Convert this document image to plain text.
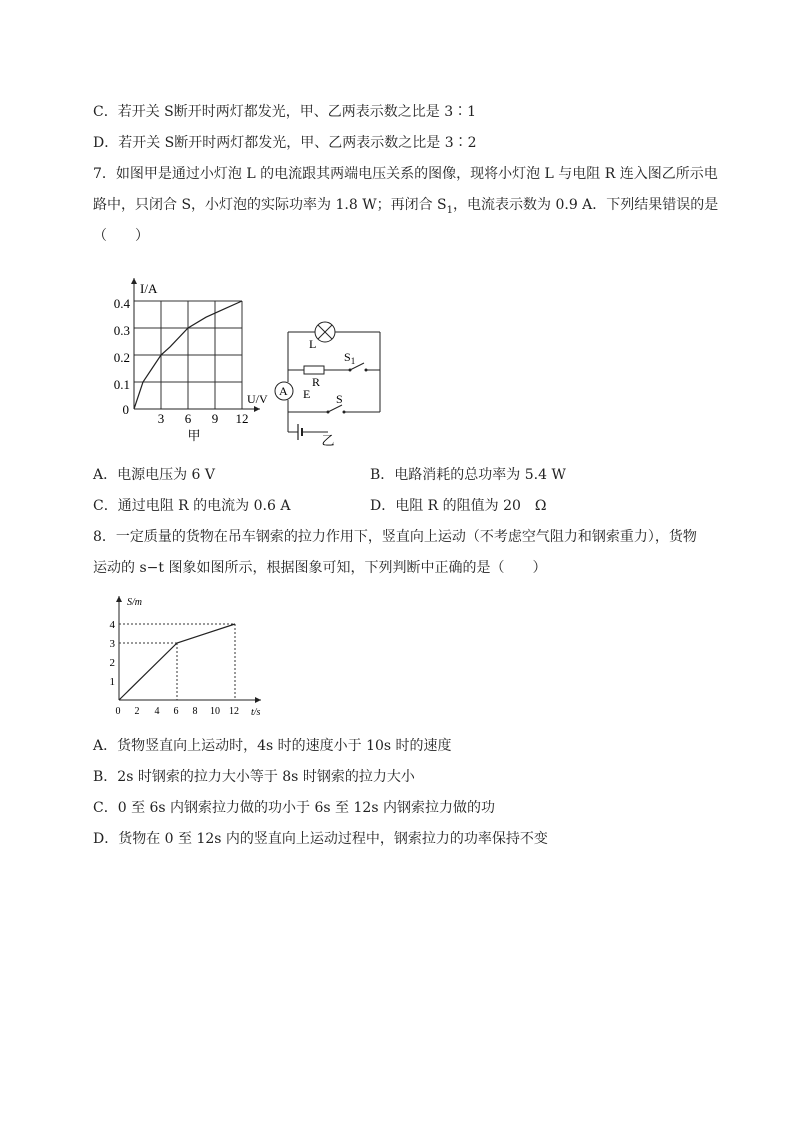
C．若开关 S断开时两灯都发光，甲、乙两表示数之比是 3∶1
D．若开关 S断开时两灯都发光，甲、乙两表示数之比是 3∶2
7．如图甲是通过小灯泡 L 的电流跟其两端电压关系的图像，现将小灯泡 L 与电阻 R 连入图乙所示电
路中，只闭合 S，小灯泡的实际功率为 1.8 W；再闭合 $S_1$，电流表示数为 0.9 A．下列结果错误的是
（　　）
I/A
U/V
0.4
0.3
0.2
0.1
0
3 6 9 12
甲
L
R
A E
$S_1$
S
乙
A．电源电压为 6 V	B．电路消耗的总功率为 5.4 W
C．通过电阻 R 的电流为 0.6 A	D．电阻 R 的阻值为 20　Ω
8．一定质量的货物在吊车钢索的拉力作用下，竖直向上运动（不考虑空气阻力和钢索重力），货物
运动的 s−t 图象如图所示，根据图象可知，下列判断中正确的是（　　）
S/m
t/s
4
3
2
1
0 2 4 6 8 10 12
A．货物竖直向上运动时，4s 时的速度小于 10s 时的速度
B．2s 时钢索的拉力大小等于 8s 时钢索的拉力大小
C．0 至 6s 内钢索拉力做的功小于 6s 至 12s 内钢索拉力做的功
D．货物在 0 至 12s 内的竖直向上运动过程中，钢索拉力的功率保持不变
